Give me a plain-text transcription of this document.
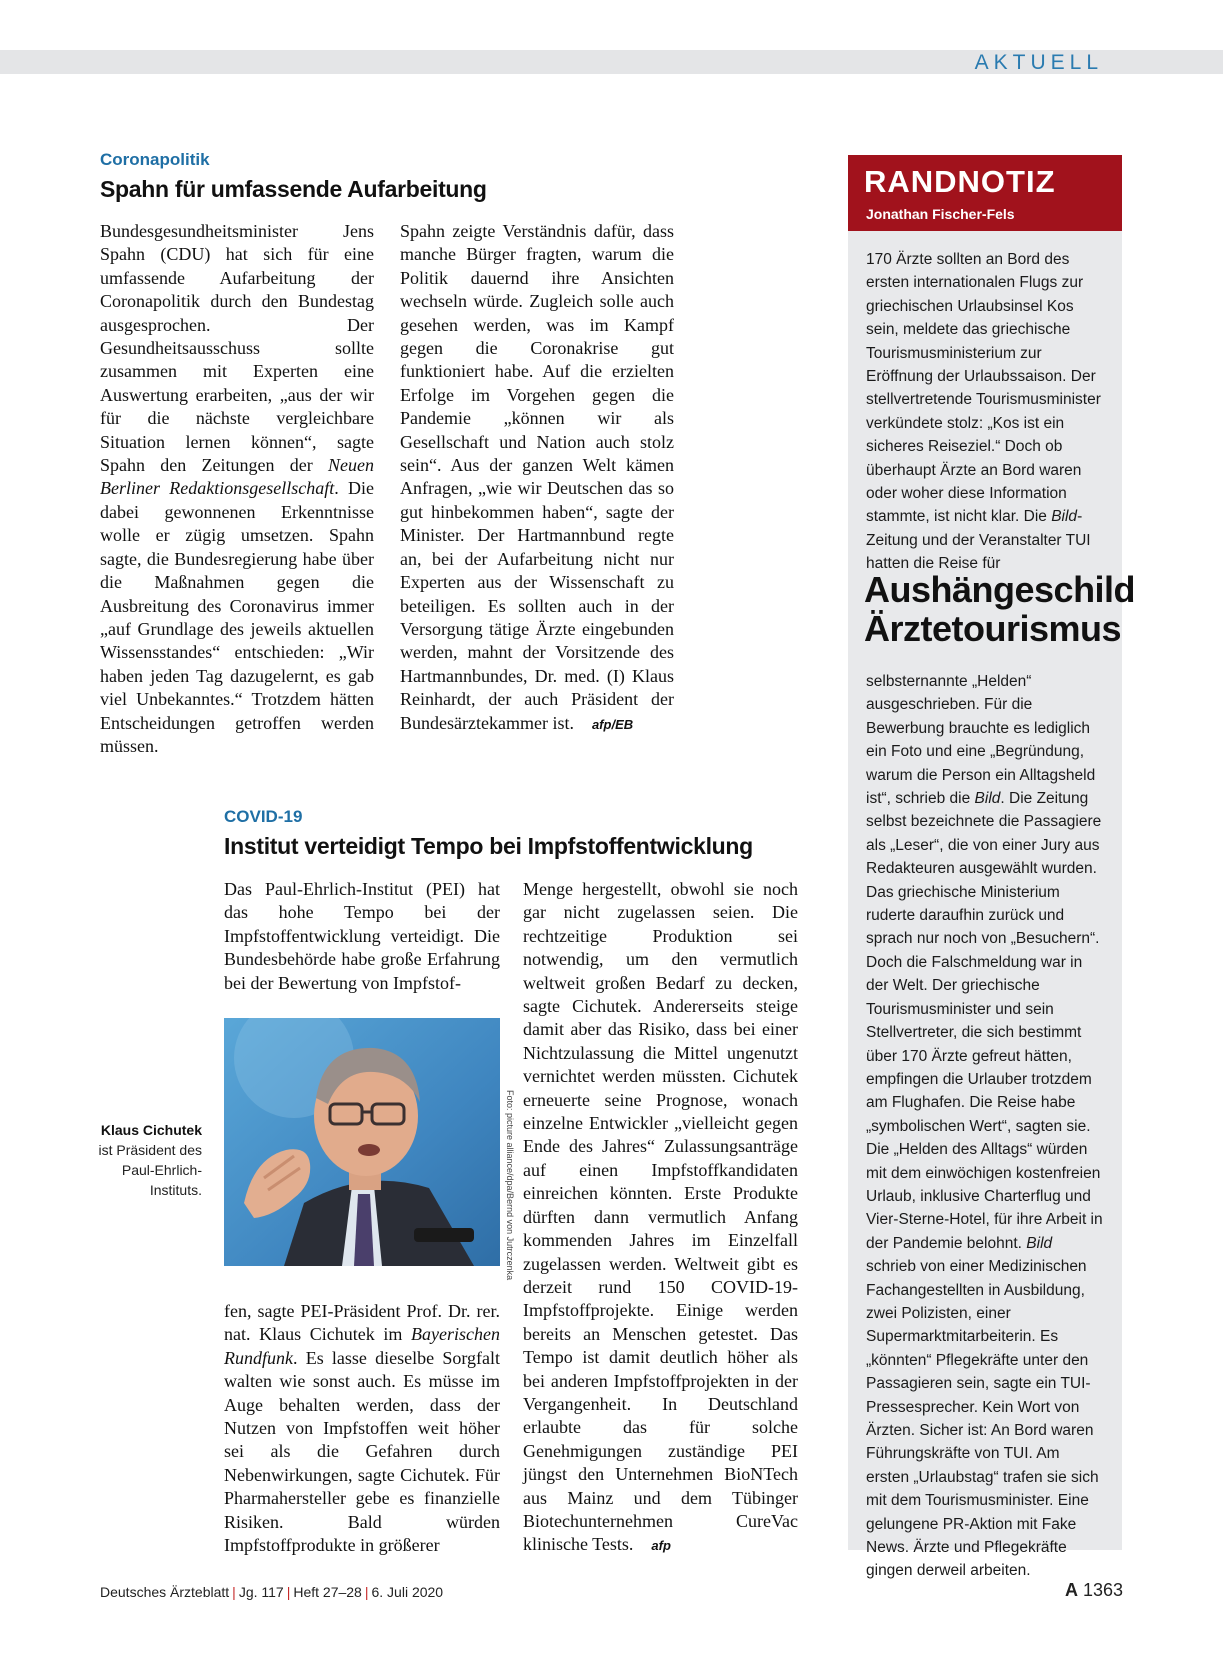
AKTUELL
Coronapolitik
Spahn für umfassende Aufarbeitung

Bundesgesundheitsminister Jens Spahn (CDU) hat sich für eine umfassende Aufarbeitung der Coronapolitik durch den Bundestag ausgesprochen. Der Gesundheitsausschuss sollte zusammen mit Experten eine Auswertung erarbeiten, „aus der wir für die nächste vergleichbare Situation lernen können“, sagte Spahn den Zeitungen der Neuen Berliner Redaktionsgesellschaft. Die dabei gewonnenen Erkenntnisse wolle er zügig umsetzen. Spahn sagte, die Bundesregierung habe über die Maßnahmen gegen die Ausbreitung des Coronavirus immer „auf Grundlage des jeweils aktuellen Wissensstandes“ entschieden: „Wir haben jeden Tag dazugelernt, es gab viel Unbekanntes.“ Trotzdem hätten Entscheidungen getroffen werden müssen.

Spahn zeigte Verständnis dafür, dass manche Bürger fragten, warum die Politik dauernd ihre Ansichten wechseln würde. Zugleich solle auch gesehen werden, was im Kampf gegen die Coronakrise gut funktioniert habe. Auf die erzielten Erfolge im Vorgehen gegen die Pandemie „können wir als Gesellschaft und Nation auch stolz sein“. Aus der ganzen Welt kämen Anfragen, „wie wir Deutschen das so gut hinbekommen haben“, sagte der Minister. Der Hartmannbund regte an, bei der Aufarbeitung nicht nur Experten aus der Wissenschaft zu beteiligen. Es sollten auch in der Versorgung tätige Ärzte eingebunden werden, mahnt der Vorsitzende des Hartmannbundes, Dr. med. (I) Klaus Reinhardt, der auch Präsident der Bundesärztekammer ist. afp/EB

COVID-19
Institut verteidigt Tempo bei Impfstoffentwicklung

Das Paul-Ehrlich-Institut (PEI) hat das hohe Tempo bei der Impfstoffentwicklung verteidigt. Die Bundesbehörde habe große Erfahrung bei der Bewertung von Impfstof-

Klaus Cichutek
ist Präsident des Paul-Ehrlich-Instituts.	Foto: picture alliance/dpa/Bernd von Jutrczenka

fen, sagte PEI-Präsident Prof. Dr. rer. nat. Klaus Cichutek im Bayerischen Rundfunk. Es lasse dieselbe Sorgfalt walten wie sonst auch. Es müsse im Auge behalten werden, dass der Nutzen von Impfstoffen weit höher sei als die Gefahren durch Nebenwirkungen, sagte Cichutek. Für Pharmahersteller gebe es finanzielle Risiken. Bald würden Impfstoffprodukte in größerer

Menge hergestellt, obwohl sie noch gar nicht zugelassen seien. Die rechtzeitige Produktion sei notwendig, um den vermutlich weltweit großen Bedarf zu decken, sagte Cichutek. Andererseits steige damit aber das Risiko, dass bei einer Nichtzulassung die Mittel ungenutzt vernichtet werden müssten. Cichutek erneuerte seine Prognose, wonach einzelne Entwickler „vielleicht gegen Ende des Jahres“ Zulassungsanträge auf einen Impfstoffkandidaten einreichen könnten. Erste Produkte dürften dann vermutlich Anfang kommenden Jahres im Einzelfall zugelassen werden. Weltweit gibt es derzeit rund 150 COVID-19-Impfstoffprojekte. Einige werden bereits an Menschen getestet. Das Tempo ist damit deutlich höher als bei anderen Impfstoffprojekten in der Vergangenheit. In Deutschland erlaubte das für solche Genehmigungen zuständige PEI jüngst den Unternehmen BioNTech aus Mainz und dem Tübinger Biotechunternehmen CureVac klinische Tests. afp

RANDNOTIZ
Jonathan Fischer-Fels

170 Ärzte sollten an Bord des ersten internationalen Flugs zur griechischen Urlaubsinsel Kos sein, meldete das griechische Tourismusministerium zur Eröffnung der Urlaubssaison. Der stellvertretende Tourismusminister verkündete stolz: „Kos ist ein sicheres Reiseziel.“ Doch ob überhaupt Ärzte an Bord waren oder woher diese Information stammte, ist nicht klar. Die Bild-Zeitung und der Veranstalter TUI hatten die Reise für

Aushängeschild Ärztetourismus

selbsternannte „Helden“ ausgeschrieben. Für die Bewerbung brauchte es lediglich ein Foto und eine „Begründung, warum die Person ein Alltagsheld ist“, schrieb die Bild. Die Zeitung selbst bezeichnete die Passagiere als „Leser“, die von einer Jury aus Redakteuren ausgewählt wurden. Das griechische Ministerium ruderte daraufhin zurück und sprach nur noch von „Besuchern“. Doch die Falschmeldung war in der Welt. Der griechische Tourismusminister und sein Stellvertreter, die sich bestimmt über 170 Ärzte gefreut hätten, empfingen die Urlauber trotzdem am Flughafen. Die Reise habe „symbolischen Wert“, sagten sie. Die „Helden des Alltags“ würden mit dem einwöchigen kostenfreien Urlaub, inklusive Charterflug und Vier-Sterne-Hotel, für ihre Arbeit in der Pandemie belohnt. Bild schrieb von einer Medizinischen Fachangestellten in Ausbildung, zwei Polizisten, einer Supermarktmitarbeiterin. Es „könnten“ Pflegekräfte unter den Passagieren sein, sagte ein TUI-Pressesprecher. Kein Wort von Ärzten. Sicher ist: An Bord waren Führungskräfte von TUI. Am ersten „Urlaubstag“ trafen sie sich mit dem Tourismusminister. Eine gelungene PR-Aktion mit Fake News. Ärzte und Pflegekräfte gingen derweil arbeiten.

Deutsches Ärzteblatt | Jg. 117 | Heft 27–28 | 6. Juli 2020	A 1363
